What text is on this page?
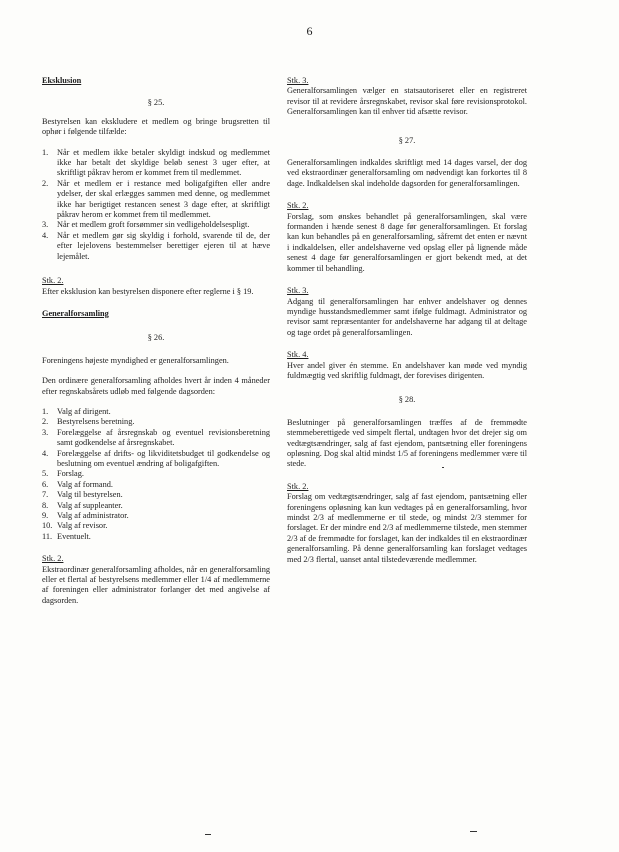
6

Eksklusion

§ 25.

Bestyrelsen kan ekskludere et medlem og bringe brugsretten til ophør i følgende tilfælde:

1.	Når et medlem ikke betaler skyldigt indskud og medlemmet ikke har betalt det skyldige beløb senest 3 uger efter, at skriftligt påkrav herom er kommet frem til medlemmet.
2.	Når et medlem er i restance med boligafgiften eller andre ydelser, der skal erlægges sammen med denne, og medlemmet ikke har berigtiget restancen senest 3 dage efter, at skriftligt påkrav herom er kommet frem til medlemmet.
3.	Når et medlem groft forsømmer sin vedligeholdelsespligt.
4.	Når et medlem gør sig skyldig i forhold, svarende til de, der efter lejelovens bestemmelser berettiger ejeren til at hæve lejemålet.

Stk. 2.

Efter eksklusion kan bestyrelsen disponere efter reglerne i § 19.

Generalforsamling

§ 26.

Foreningens højeste myndighed er generalforsamlingen.

Den ordinære generalforsamling afholdes hvert år inden 4 måneder efter regnskabsårets udløb med følgende dagsorden:

1.	Valg af dirigent.
2.	Bestyrelsens beretning.
3.	Forelæggelse af årsregnskab og eventuel revisionsberetning samt godkendelse af årsregnskabet.
4.	Forelæggelse af drifts- og likviditetsbudget til godkendelse og beslutning om eventuel ændring af boligafgiften.
5.	Forslag.
6.	Valg af formand.
7.	Valg til bestyrelsen.
8.	Valg af suppleanter.
9.	Valg af administrator.
10. Valg af revisor.
11. Eventuelt.

Stk. 2.

Ekstraordinær generalforsamling afholdes, når en generalforsamling eller et flertal af bestyrelsens medlemmer eller 1/4 af medlemmerne af foreningen eller administrator forlanger det med angivelse af dagsorden.

Stk. 3.

Generalforsamlingen vælger en statsautoriseret eller en registreret revisor til at revidere årsregnskabet, revisor skal føre revisionsprotokol. Generalforsamlingen kan til enhver tid afsætte revisor.

§ 27.

Generalforsamlingen indkaldes skriftligt med 14 dages varsel, der dog ved ekstraordinær generalforsamling om nødvendigt kan forkortes til 8 dage. Indkaldelsen skal indeholde dagsorden for generalforsamlingen.

Stk. 2.

Forslag, som ønskes behandlet på generalforsamlingen, skal være formanden i hænde senest 8 dage før generalforsamlingen. Et forslag kan kun behandles på en generalforsamling, såfremt det enten er nævnt i indkaldelsen, eller andelshaverne ved opslag eller på lignende måde senest 4 dage før generalforsamlingen er gjort bekendt med, at det kommer til behandling.

Stk. 3.

Adgang til generalforsamlingen har enhver andelshaver og dennes myndige husstandsmedlemmer samt ifølge fuldmagt. Administrator og revisor samt repræsentanter for andelshaverne har adgang til at deltage og tage ordet på generalforsamlingen.

Stk. 4.

Hver andel giver én stemme. En andelshaver kan møde ved myndig fuldmægtig ved skriftlig fuldmagt, der forevises dirigenten.

§ 28.

Beslutninger på generalforsamlingen træffes af de fremmødte stemmeberettigede ved simpelt flertal, undtagen hvor det drejer sig om vedtægtsændringer, salg af fast ejendom, pantsætning eller foreningens opløsning. Dog skal altid mindst 1/5 af foreningens medlemmer være til stede.

Stk. 2.

Forslag om vedtægtsændringer, salg af fast ejendom, pantsætning eller foreningens opløsning kan kun vedtages på en generalforsamling, hvor mindst 2/3 af medlemmerne er til stede, og mindst 2/3 stemmer for forslaget. Er der mindre end 2/3 af medlemmerne tilstede, men stemmer 2/3 af de fremmødte for forslaget, kan der indkaldes til en ekstraordinær generalforsamling. På denne generalforsamling kan forslaget vedtages med 2/3 flertal, uanset antal tilstedeværende medlemmer.
